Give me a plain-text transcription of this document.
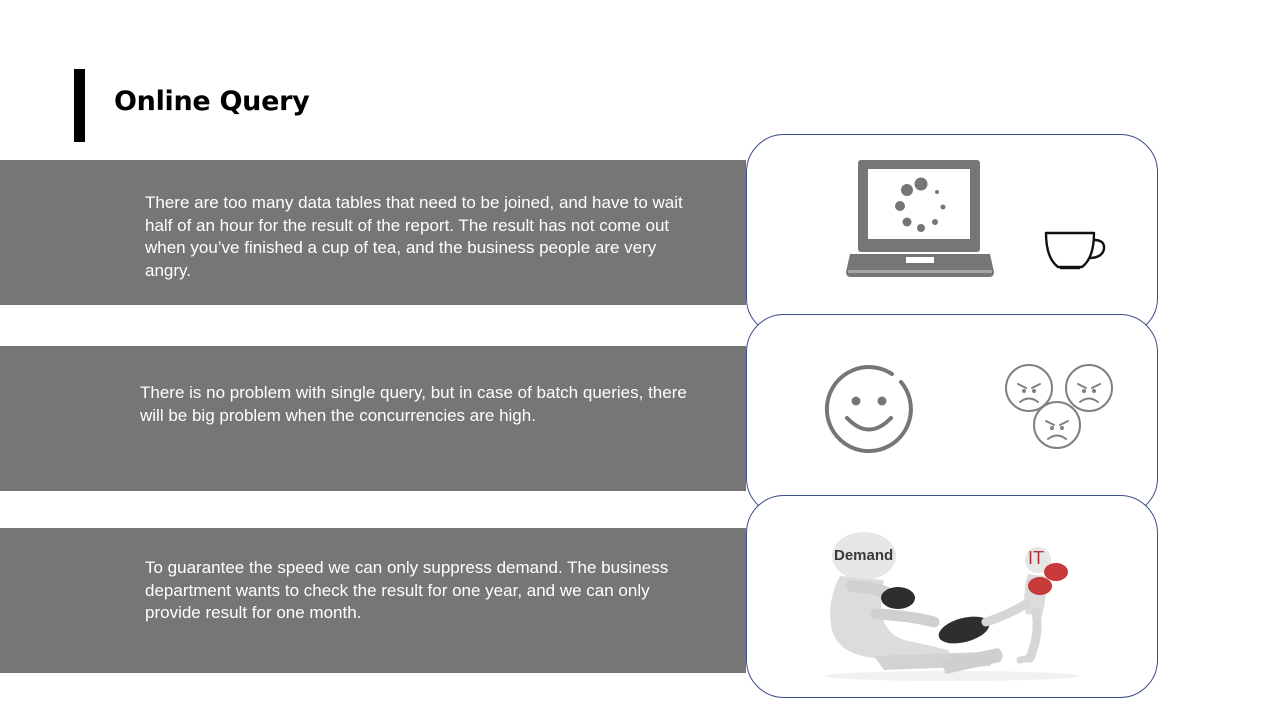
Online Query
There are too many data tables that need to be joined, and have to wait half of an hour for the result of the report. The result has not come out when you’ve finished a cup of tea, and the business people are very angry.
There is no problem with single query, but in case of batch queries, there will be big problem when the concurrencies are high.
To guarantee the speed we can only suppress demand. The business department wants to check the result for one year, and we can only provide result for one month.
Demand	IT
